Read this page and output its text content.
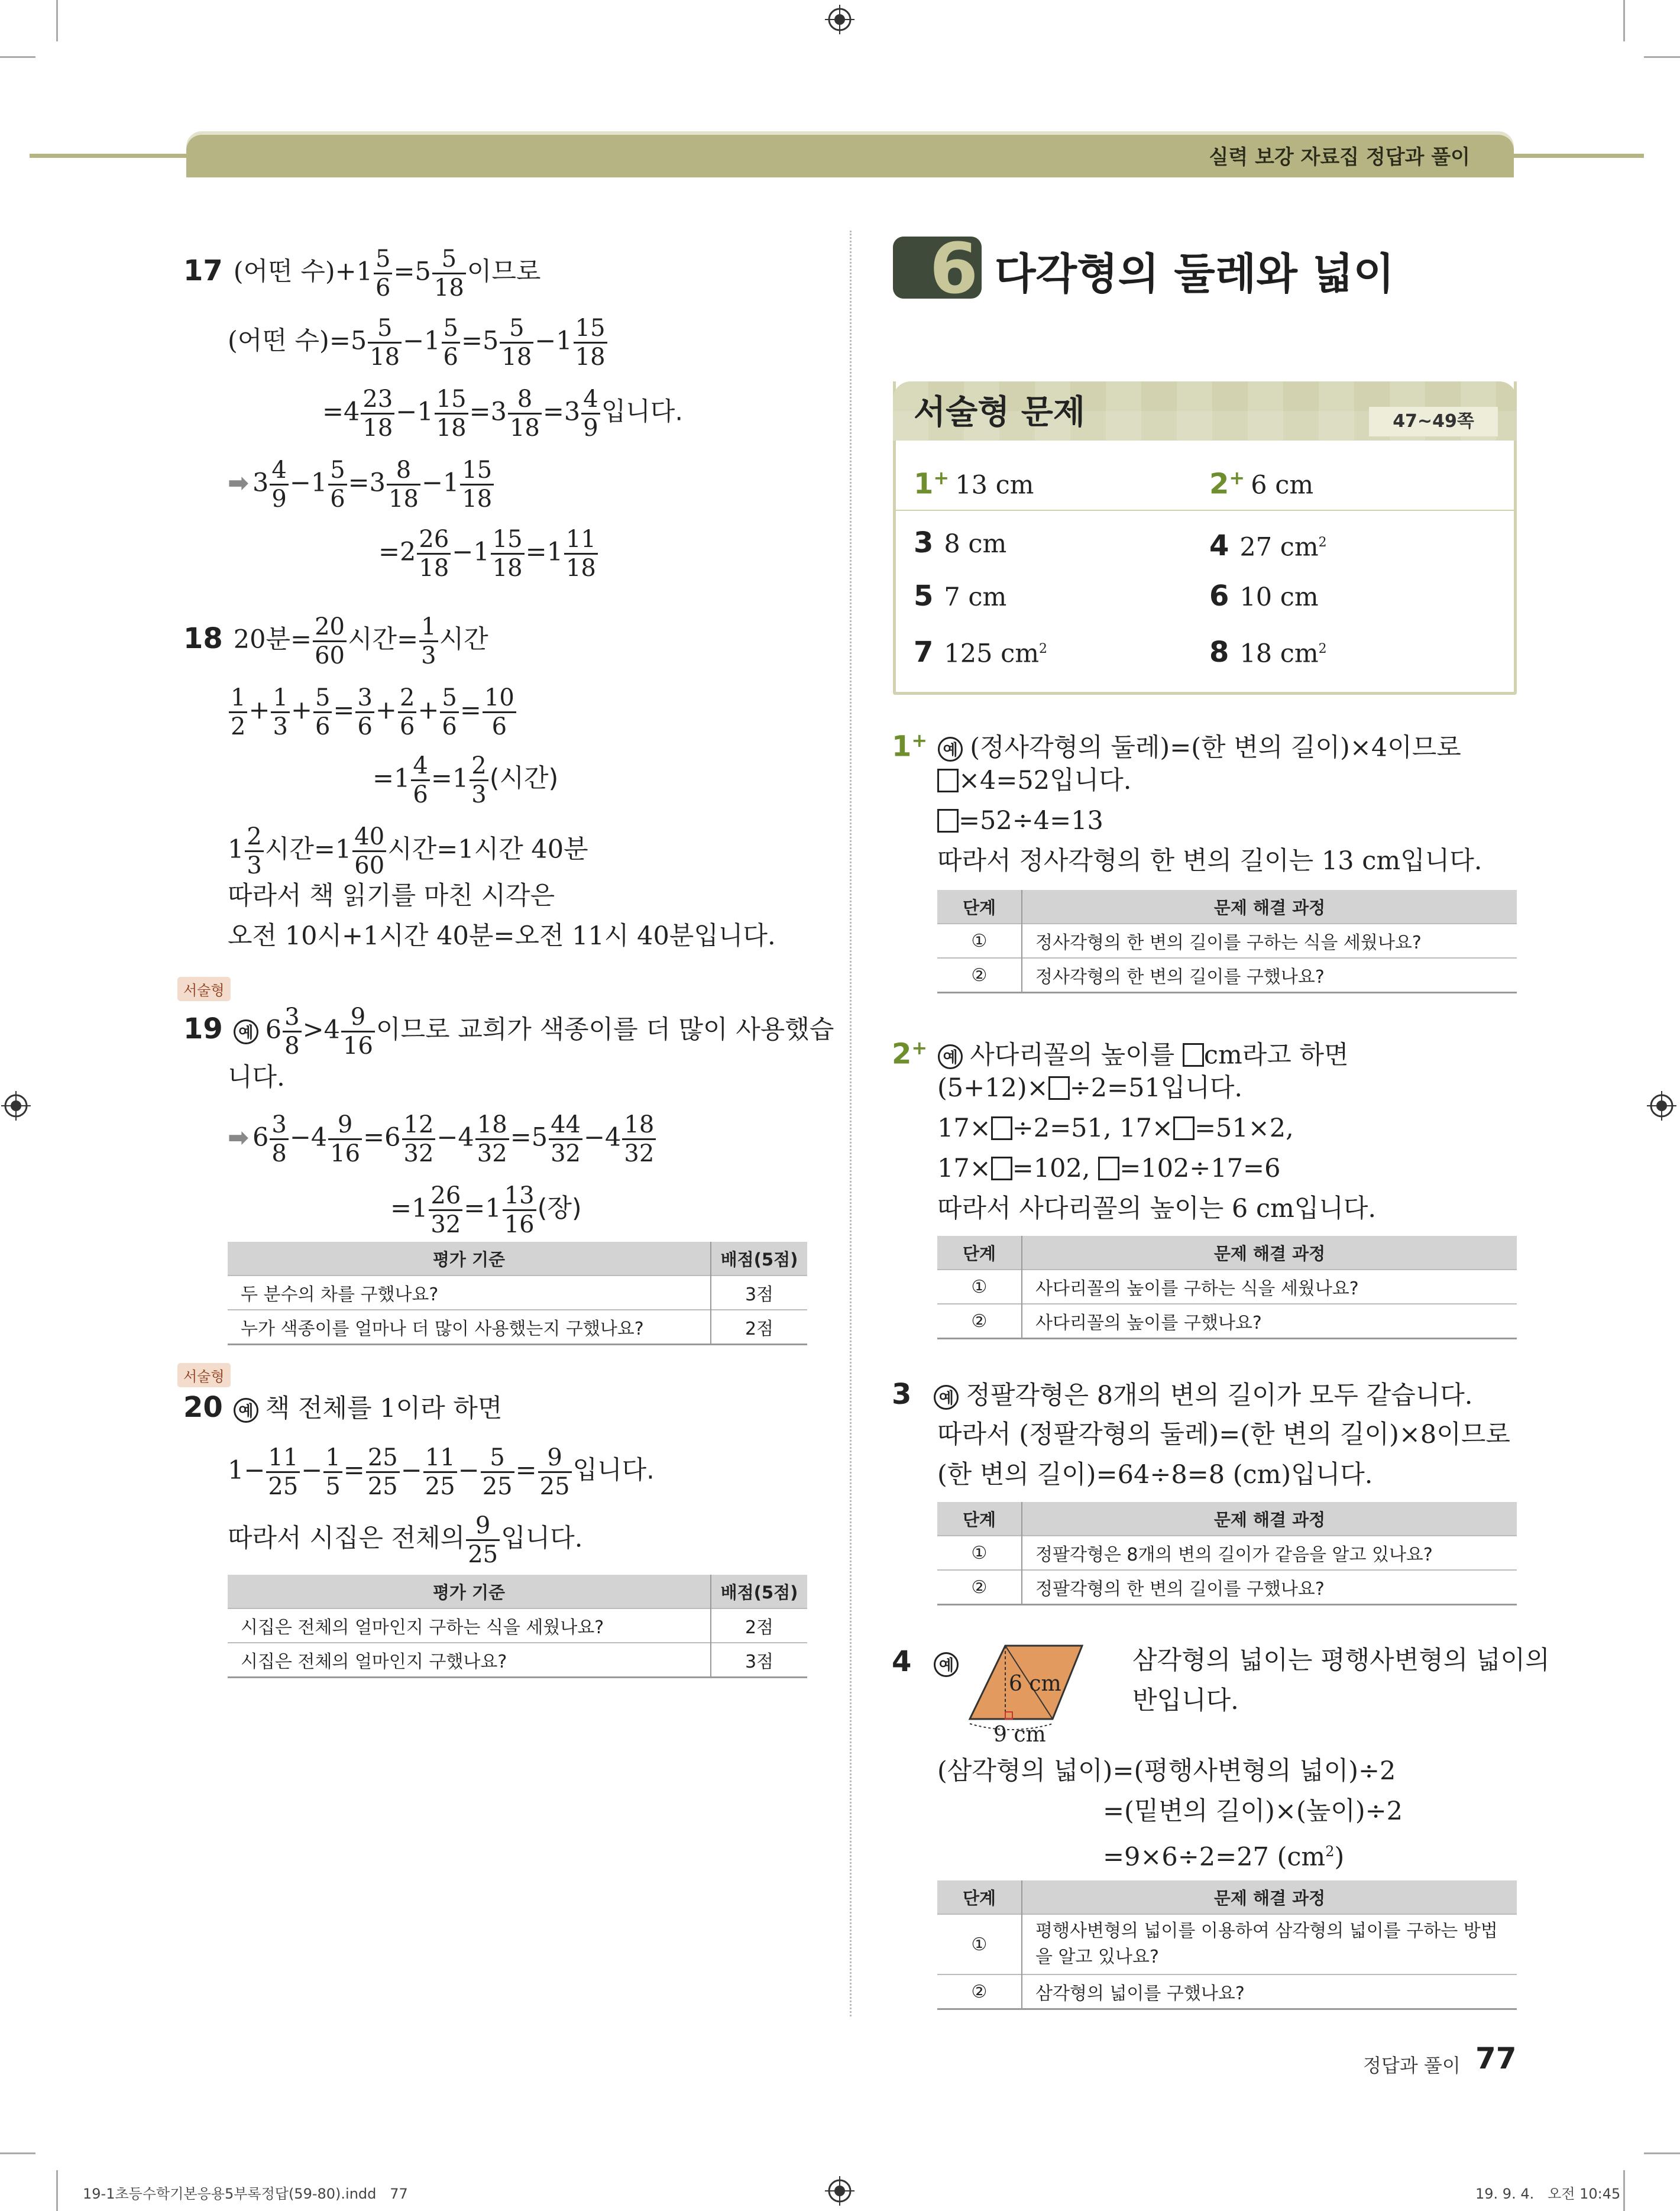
실력 보강 자료집 정답과 풀이
17 (어떤 수)$+1 \frac{5}{6} =5 \frac{5}{18}$ 이므로
(어떤 수)$=5 \frac{5}{18} -1 \frac{5}{6} =5 \frac{5}{18} -1 \frac{15}{18}$
$=4 \frac{23}{18} -1 \frac{15}{18} =3 \frac{8}{18} =3 \frac{4}{9}$ 입니다.
➡ $3 \frac{4}{9} -1 \frac{5}{6} =3 \frac{8}{18} -1 \frac{15}{18}$
$=2 \frac{26}{18} -1 \frac{15}{18} =1 \frac{11}{18}$
18 20분= $\frac{20}{60}$ 시간= $\frac{1}{3}$ 시간
$\frac{1}{2} + \frac{1}{3} + \frac{5}{6} = \frac{3}{6} + \frac{2}{6} + \frac{5}{6} = \frac{10}{6}$
$=1 \frac{4}{6} =1 \frac{2}{3}$ (시간)
$1 \frac{2}{3}$ 시간$=1 \frac{40}{60}$ 시간=1시간 40분
따라서 책 읽기를 마친 시각은
오전 10시+1시간 40분=오전 11시 40분입니다.
서술형
19 예 $6 \frac{3}{8} >4 \frac{9}{16}$ 이므로 교희가 색종이를 더 많이 사용했습
니다.
➡ $6 \frac{3}{8} -4 \frac{9}{16} =6 \frac{12}{32} -4 \frac{18}{32} =5 \frac{44}{32} -4 \frac{18}{32}$
$=1 \frac{26}{32} =1 \frac{13}{16}$ (장)
평가 기준	배점(5점)
두 분수의 차를 구했나요?	3점
누가 색종이를 얼마나 더 많이 사용했는지 구했나요?	2점
서술형
20 예 책 전체를 1이라 하면
$1- \frac{11}{25} - \frac{1}{5} = \frac{25}{25} - \frac{11}{25} - \frac{5}{25} = \frac{9}{25}$ 입니다.
따라서 시집은 전체의 $\frac{9}{25}$ 입니다.
평가 기준	배점(5점)
시집은 전체의 얼마인지 구하는 식을 세웠나요?	2점
시집은 전체의 얼마인지 구했나요?	3점
6 다각형의 둘레와 넓이
서술형 문제	47~49쪽
1+ 13 cm	2+ 6 cm
3 8 cm	4 27 $cm^2$
5 7 cm	6 10 cm
7 125 $cm^2$	8 18 $cm^2$
1+ 예 (정사각형의 둘레)=(한 변의 길이)×4이므로
×4=52입니다.
=52÷4=13
따라서 정사각형의 한 변의 길이는 13 cm입니다.
단계	문제 해결 과정
①	정사각형의 한 변의 길이를 구하는 식을 세웠나요?
②	정사각형의 한 변의 길이를 구했나요?
2+ 예 사다리꼴의 높이를 cm라고 하면
(5+12)× ÷2=51입니다.
17× ÷2=51, 17× =51×2,
17× =102, =102÷17=6
따라서 사다리꼴의 높이는 6 cm입니다.
단계	문제 해결 과정
①	사다리꼴의 높이를 구하는 식을 세웠나요?
②	사다리꼴의 높이를 구했나요?
3 예 정팔각형은 8개의 변의 길이가 모두 같습니다.
따라서 (정팔각형의 둘레)=(한 변의 길이)×8이므로
(한 변의 길이)=64÷8=8 (cm)입니다.
단계	문제 해결 과정
①	정팔각형은 8개의 변의 길이가 같음을 알고 있나요?
②	정팔각형의 한 변의 길이를 구했나요?
4 예
6 cm
9 cm
삼각형의 넓이는 평행사변형의 넓이의
반입니다.
(삼각형의 넓이)=(평행사변형의 넓이)÷2
=(밑변의 길이)×(높이)÷2
=9×6÷2=27 $(cm^2)$
단계	문제 해결 과정
①	평행사변형의 넓이를 이용하여 삼각형의 넓이를 구하는 방법
을 알고 있나요?
②	삼각형의 넓이를 구했나요?
정답과 풀이 77
19-1초등수학기본응용5부록정답(59-80).indd   77	19. 9. 4.   오전 10:45
